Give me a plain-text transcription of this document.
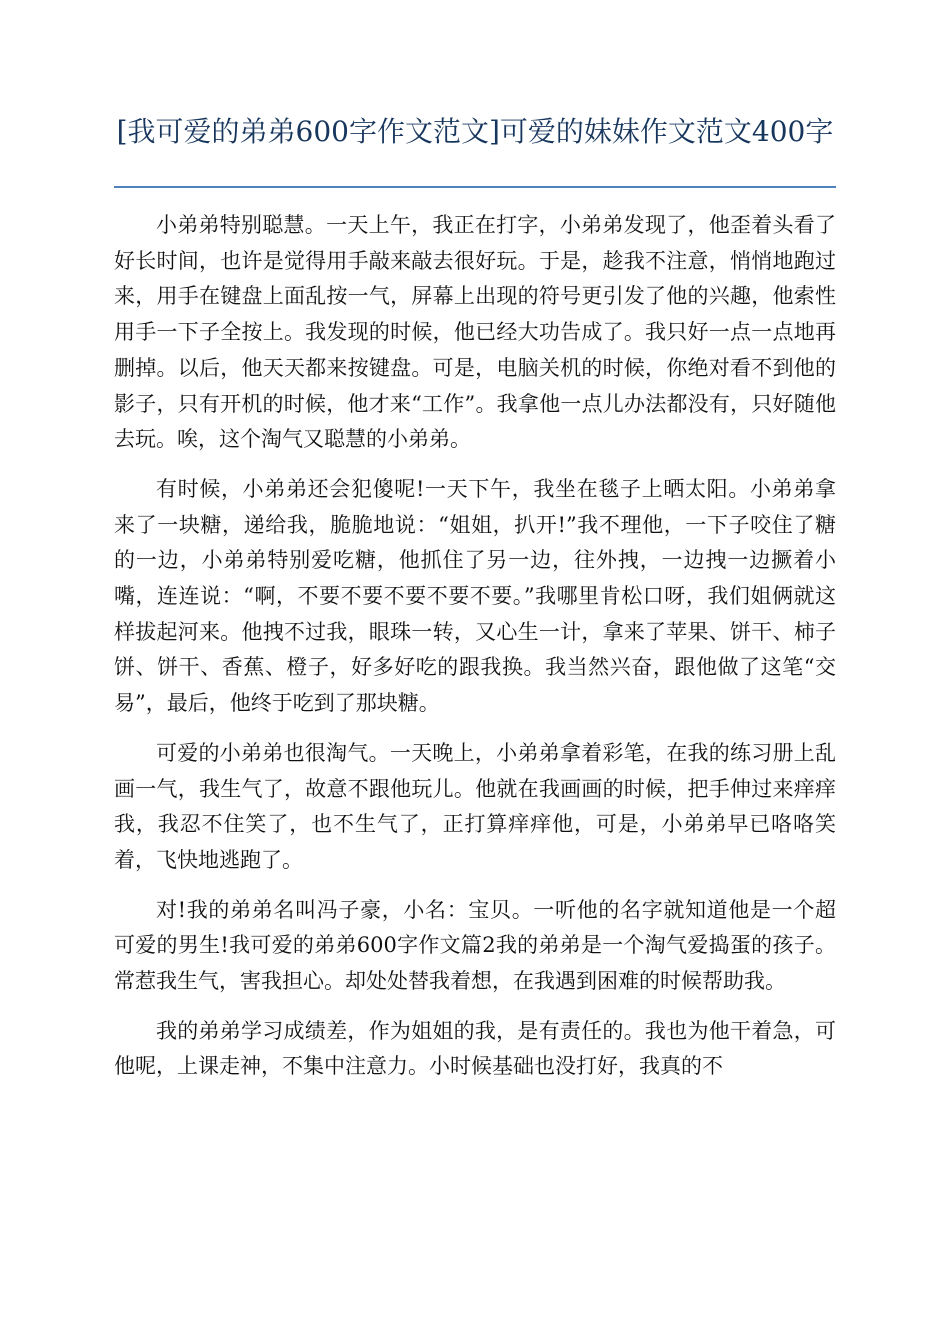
[我可爱的弟弟600字作文范文]可爱的妹妹作文范文400字

小弟弟特别聪慧。一天上午，我正在打字，小弟弟发现了，他歪着头看了好长时间，也许是觉得用手敲来敲去很好玩。于是，趁我不注意，悄悄地跑过来，用手在键盘上面乱按一气，屏幕上出现的符号更引发了他的兴趣，他索性用手一下子全按上。我发现的时候，他已经大功告成了。我只好一点一点地再删掉。以后，他天天都来按键盘。可是，电脑关机的时候，你绝对看不到他的影子，只有开机的时候，他才来“工作”。我拿他一点儿办法都没有，只好随他去玩。唉，这个淘气又聪慧的小弟弟。

有时候，小弟弟还会犯傻呢!一天下午，我坐在毯子上晒太阳。小弟弟拿来了一块糖，递给我，脆脆地说：“姐姐，扒开!”我不理他，一下子咬住了糖的一边，小弟弟特别爱吃糖，他抓住了另一边，往外拽，一边拽一边撅着小嘴，连连说：“啊，不要不要不要不要不要。”我哪里肯松口呀，我们姐俩就这样拔起河来。他拽不过我，眼珠一转，又心生一计，拿来了苹果、饼干、柿子饼、饼干、香蕉、橙子，好多好吃的跟我换。我当然兴奋，跟他做了这笔“交易”，最后，他终于吃到了那块糖。

可爱的小弟弟也很淘气。一天晚上，小弟弟拿着彩笔，在我的练习册上乱画一气，我生气了，故意不跟他玩儿。他就在我画画的时候，把手伸过来痒痒我，我忍不住笑了，也不生气了，正打算痒痒他，可是，小弟弟早已咯咯笑着，飞快地逃跑了。

对!我的弟弟名叫冯子豪，小名：宝贝。一听他的名字就知道他是一个超可爱的男生!我可爱的弟弟600字作文篇2我的弟弟是一个淘气爱捣蛋的孩子。常惹我生气，害我担心。却处处替我着想，在我遇到困难的时候帮助我。

我的弟弟学习成绩差，作为姐姐的我，是有责任的。我也为他干着急，可他呢，上课走神，不集中注意力。小时候基础也没打好，我真的不
